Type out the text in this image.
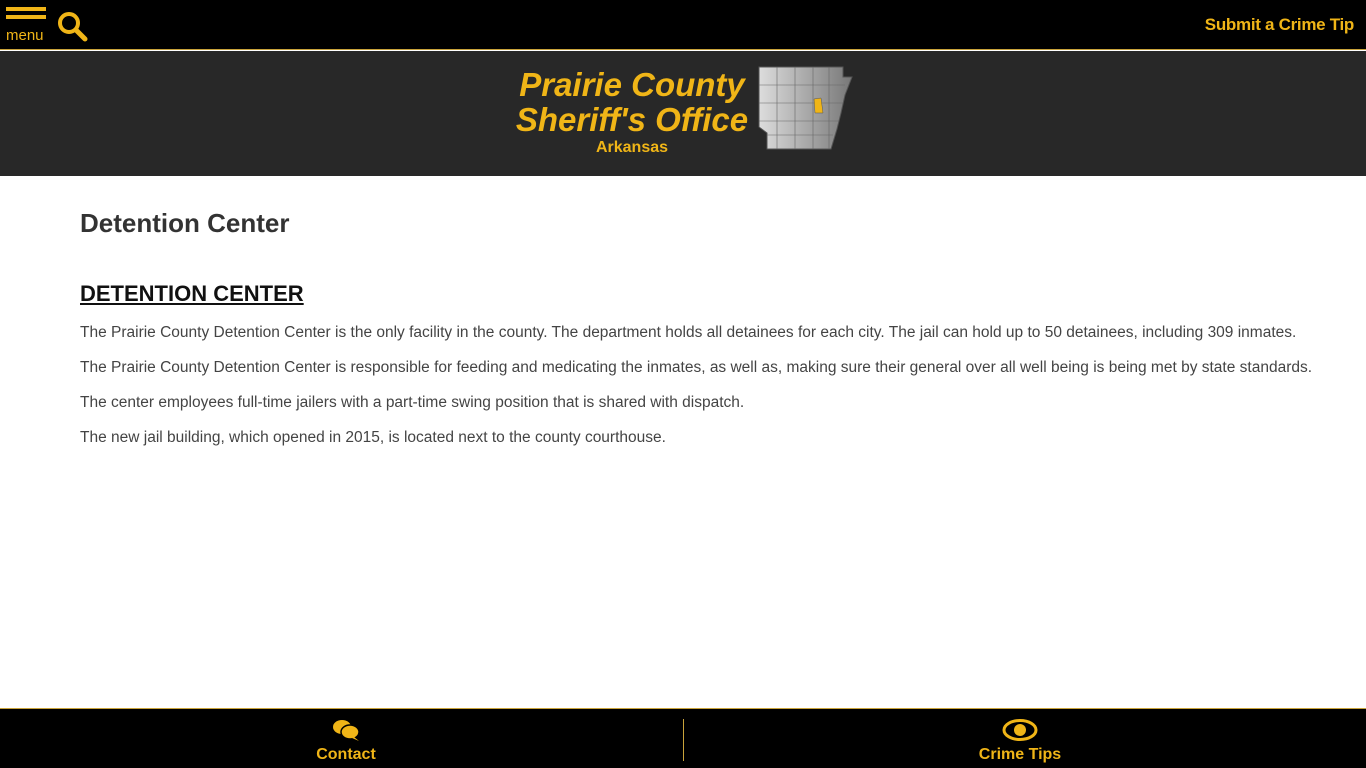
menu
Submit a Crime Tip
Prairie County
Sheriff's Office
Arkansas
Detention Center
DETENTION CENTER

The Prairie County Detention Center is the only facility in the county. The department holds all detainees for each city. The jail can hold up to 50 detainees, including 309 inmates.

The Prairie County Detention Center is responsible for feeding and medicating the inmates, as well as, making sure their general over all well being is being met by state standards.

The center employees full-time jailers with a part-time swing position that is shared with dispatch.

The new jail building, which opened in 2015, is located next to the county courthouse.

Contact	Crime Tips
